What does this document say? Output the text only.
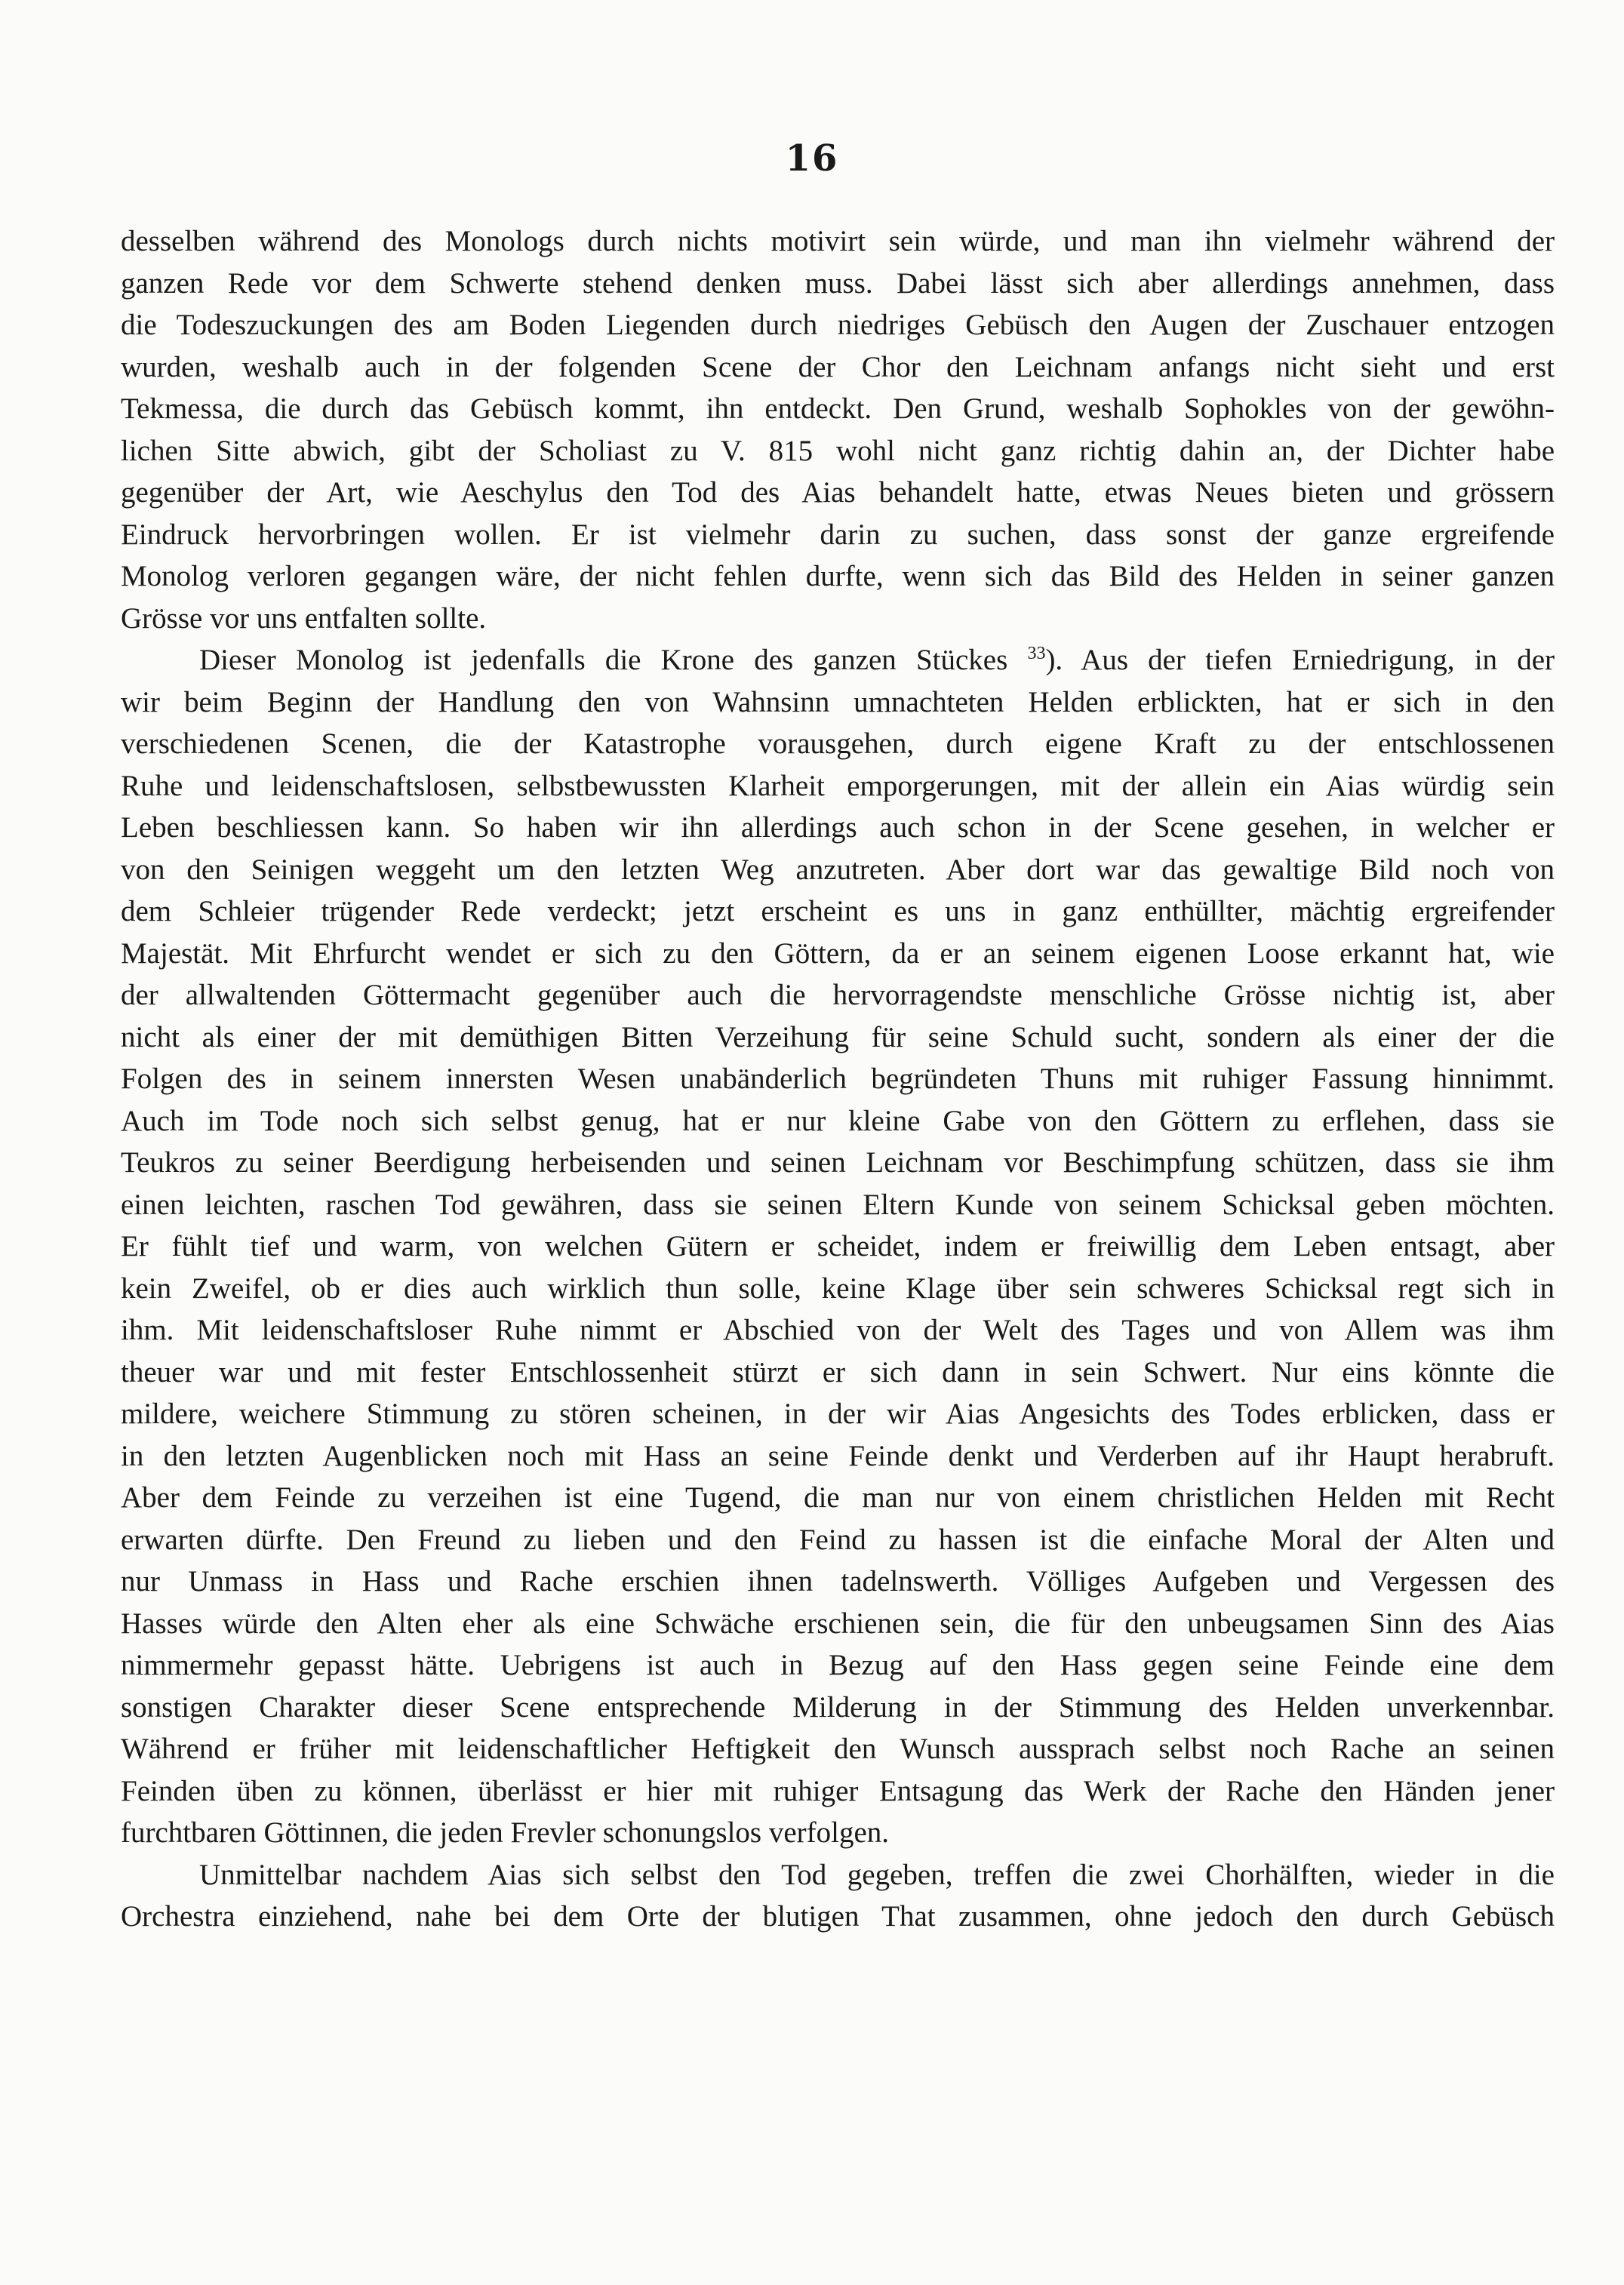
16
desselben während des Monologs durch nichts motivirt sein würde, und man ihn vielmehr während der
ganzen Rede vor dem Schwerte stehend denken muss. Dabei lässt sich aber allerdings annehmen, dass
die Todeszuckungen des am Boden Liegenden durch niedriges Gebüsch den Augen der Zuschauer entzogen
wurden, weshalb auch in der folgenden Scene der Chor den Leichnam anfangs nicht sieht und erst
Tekmessa, die durch das Gebüsch kommt, ihn entdeckt. Den Grund, weshalb Sophokles von der gewöhn-
lichen Sitte abwich, gibt der Scholiast zu V. 815 wohl nicht ganz richtig dahin an, der Dichter habe
gegenüber der Art, wie Aeschylus den Tod des Aias behandelt hatte, etwas Neues bieten und grössern
Eindruck hervorbringen wollen. Er ist vielmehr darin zu suchen, dass sonst der ganze ergreifende
Monolog verloren gegangen wäre, der nicht fehlen durfte, wenn sich das Bild des Helden in seiner ganzen
Grösse vor uns entfalten sollte.
Dieser Monolog ist jedenfalls die Krone des ganzen Stückes $^{33}$). Aus der tiefen Erniedrigung, in der
wir beim Beginn der Handlung den von Wahnsinn umnachteten Helden erblickten, hat er sich in den
verschiedenen Scenen, die der Katastrophe vorausgehen, durch eigene Kraft zu der entschlossenen
Ruhe und leidenschaftslosen, selbstbewussten Klarheit emporgerungen, mit der allein ein Aias würdig sein
Leben beschliessen kann. So haben wir ihn allerdings auch schon in der Scene gesehen, in welcher er
von den Seinigen weggeht um den letzten Weg anzutreten. Aber dort war das gewaltige Bild noch von
dem Schleier trügender Rede verdeckt; jetzt erscheint es uns in ganz enthüllter, mächtig ergreifender
Majestät. Mit Ehrfurcht wendet er sich zu den Göttern, da er an seinem eigenen Loose erkannt hat, wie
der allwaltenden Göttermacht gegenüber auch die hervorragendste menschliche Grösse nichtig ist, aber
nicht als einer der mit demüthigen Bitten Verzeihung für seine Schuld sucht, sondern als einer der die
Folgen des in seinem innersten Wesen unabänderlich begründeten Thuns mit ruhiger Fassung hinnimmt.
Auch im Tode noch sich selbst genug, hat er nur kleine Gabe von den Göttern zu erflehen, dass sie
Teukros zu seiner Beerdigung herbeisenden und seinen Leichnam vor Beschimpfung schützen, dass sie ihm
einen leichten, raschen Tod gewähren, dass sie seinen Eltern Kunde von seinem Schicksal geben möchten.
Er fühlt tief und warm, von welchen Gütern er scheidet, indem er freiwillig dem Leben entsagt, aber
kein Zweifel, ob er dies auch wirklich thun solle, keine Klage über sein schweres Schicksal regt sich in
ihm. Mit leidenschaftsloser Ruhe nimmt er Abschied von der Welt des Tages und von Allem was ihm
theuer war und mit fester Entschlossenheit stürzt er sich dann in sein Schwert. Nur eins könnte die
mildere, weichere Stimmung zu stören scheinen, in der wir Aias Angesichts des Todes erblicken, dass er
in den letzten Augenblicken noch mit Hass an seine Feinde denkt und Verderben auf ihr Haupt herabruft.
Aber dem Feinde zu verzeihen ist eine Tugend, die man nur von einem christlichen Helden mit Recht
erwarten dürfte. Den Freund zu lieben und den Feind zu hassen ist die einfache Moral der Alten und
nur Unmass in Hass und Rache erschien ihnen tadelnswerth. Völliges Aufgeben und Vergessen des
Hasses würde den Alten eher als eine Schwäche erschienen sein, die für den unbeugsamen Sinn des Aias
nimmermehr gepasst hätte. Uebrigens ist auch in Bezug auf den Hass gegen seine Feinde eine dem
sonstigen Charakter dieser Scene entsprechende Milderung in der Stimmung des Helden unverkennbar.
Während er früher mit leidenschaftlicher Heftigkeit den Wunsch aussprach selbst noch Rache an seinen
Feinden üben zu können, überlässt er hier mit ruhiger Entsagung das Werk der Rache den Händen jener
furchtbaren Göttinnen, die jeden Frevler schonungslos verfolgen.
Unmittelbar nachdem Aias sich selbst den Tod gegeben, treffen die zwei Chorhälften, wieder in die
Orchestra einziehend, nahe bei dem Orte der blutigen That zusammen, ohne jedoch den durch Gebüsch
